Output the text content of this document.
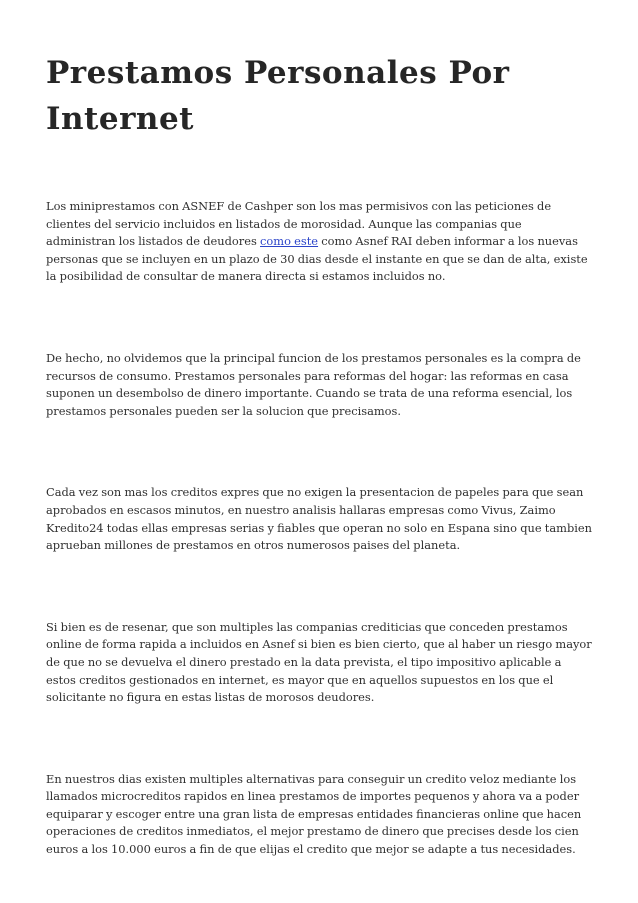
Prestamos Personales Por Internet

Los miniprestamos con ASNEF de Cashper son los mas permisivos con las peticiones de clientes del servicio incluidos en listados de morosidad. Aunque las companias que administran los listados de deudores como este como Asnef RAI deben informar a los nuevas personas que se incluyen en un plazo de 30 dias desde el instante en que se dan de alta, existe la posibilidad de consultar de manera directa si estamos incluidos no.

De hecho, no olvidemos que la principal funcion de los prestamos personales es la compra de recursos de consumo. Prestamos personales para reformas del hogar: las reformas en casa suponen un desembolso de dinero importante. Cuando se trata de una reforma esencial, los prestamos personales pueden ser la solucion que precisamos.

Cada vez son mas los creditos expres que no exigen la presentacion de papeles para que sean aprobados en escasos minutos, en nuestro analisis hallaras empresas como Vivus, Zaimo Kredito24 todas ellas empresas serias y fiables que operan no solo en Espana sino que tambien aprueban millones de prestamos en otros numerosos paises del planeta.

Si bien es de resenar, que son multiples las companias crediticias que conceden prestamos online de forma rapida a incluidos en Asnef si bien es bien cierto, que al haber un riesgo mayor de que no se devuelva el dinero prestado en la data prevista, el tipo impositivo aplicable a estos creditos gestionados en internet, es mayor que en aquellos supuestos en los que el solicitante no figura en estas listas de morosos deudores.

En nuestros dias existen multiples alternativas para conseguir un credito veloz mediante los llamados microcreditos rapidos en linea prestamos de importes pequenos y ahora va a poder equiparar y escoger entre una gran lista de empresas entidades financieras online que hacen operaciones de creditos inmediatos, el mejor prestamo de dinero que precises desde los cien euros a los 10.000 euros a fin de que elijas el credito que mejor se adapte a tus necesidades.
